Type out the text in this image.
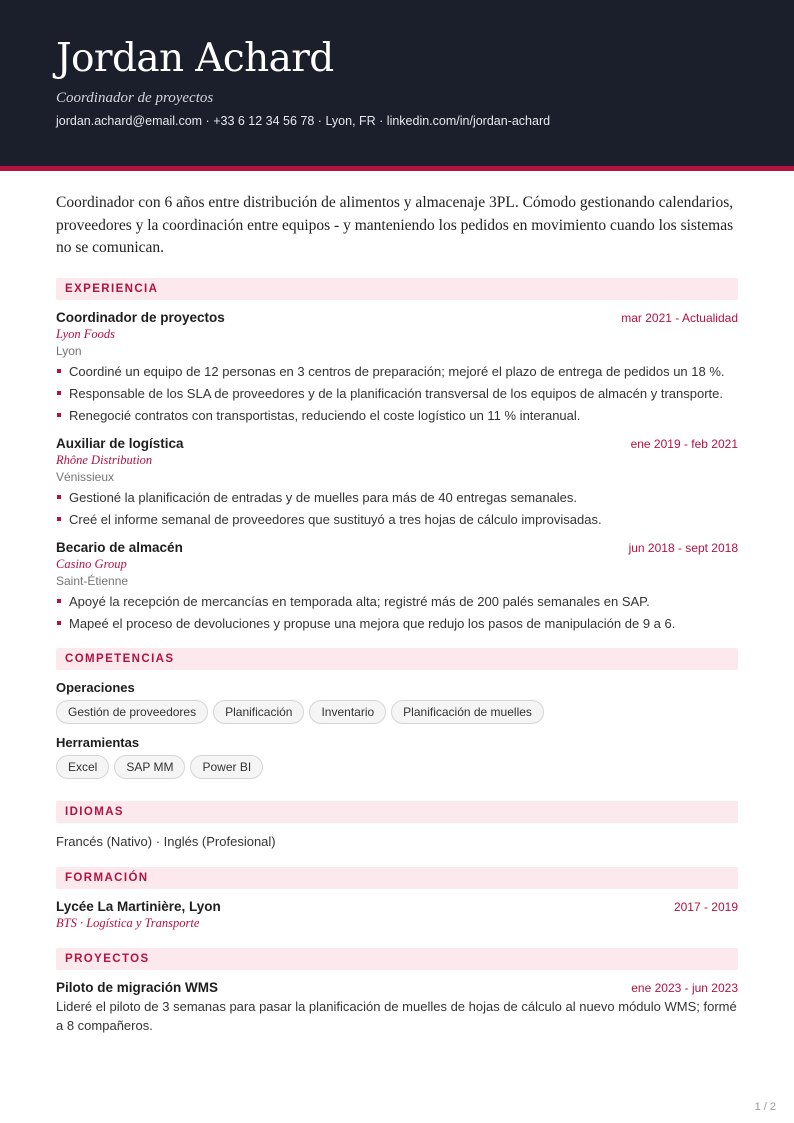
Jordan Achard
Coordinador de proyectos
jordan.achard@email.com · +33 6 12 34 56 78 · Lyon, FR · linkedin.com/in/jordan-achard

Coordinador con 6 años entre distribución de alimentos y almacenaje 3PL. Cómodo gestionando calendarios, proveedores y la coordinación entre equipos - y manteniendo los pedidos en movimiento cuando los sistemas no se comunican.

EXPERIENCIA
Coordinador de proyectos	mar 2021 - Actualidad
Lyon Foods
Lyon
Coordiné un equipo de 12 personas en 3 centros de preparación; mejoré el plazo de entrega de pedidos un 18 %.
Responsable de los SLA de proveedores y de la planificación transversal de los equipos de almacén y transporte.
Renegocié contratos con transportistas, reduciendo el coste logístico un 11 % interanual.
Auxiliar de logística	ene 2019 - feb 2021
Rhône Distribution
Vénissieux
Gestioné la planificación de entradas y de muelles para más de 40 entregas semanales.
Creé el informe semanal de proveedores que sustituyó a tres hojas de cálculo improvisadas.
Becario de almacén	jun 2018 - sept 2018
Casino Group
Saint-Étienne
Apoyé la recepción de mercancías en temporada alta; registré más de 200 palés semanales en SAP.
Mapeé el proceso de devoluciones y propuse una mejora que redujo los pasos de manipulación de 9 a 6.
COMPETENCIAS
Operaciones
Gestión de proveedores	Planificación	Inventario	Planificación de muelles
Herramientas
Excel	SAP MM	Power BI
IDIOMAS
Francés (Nativo) · Inglés (Profesional)
FORMACIÓN
Lycée La Martinière, Lyon	2017 - 2019
BTS · Logística y Transporte
PROYECTOS
Piloto de migración WMS	ene 2023 - jun 2023
Lideré el piloto de 3 semanas para pasar la planificación de muelles de hojas de cálculo al nuevo módulo WMS; formé a 8 compañeros.
1 / 2
